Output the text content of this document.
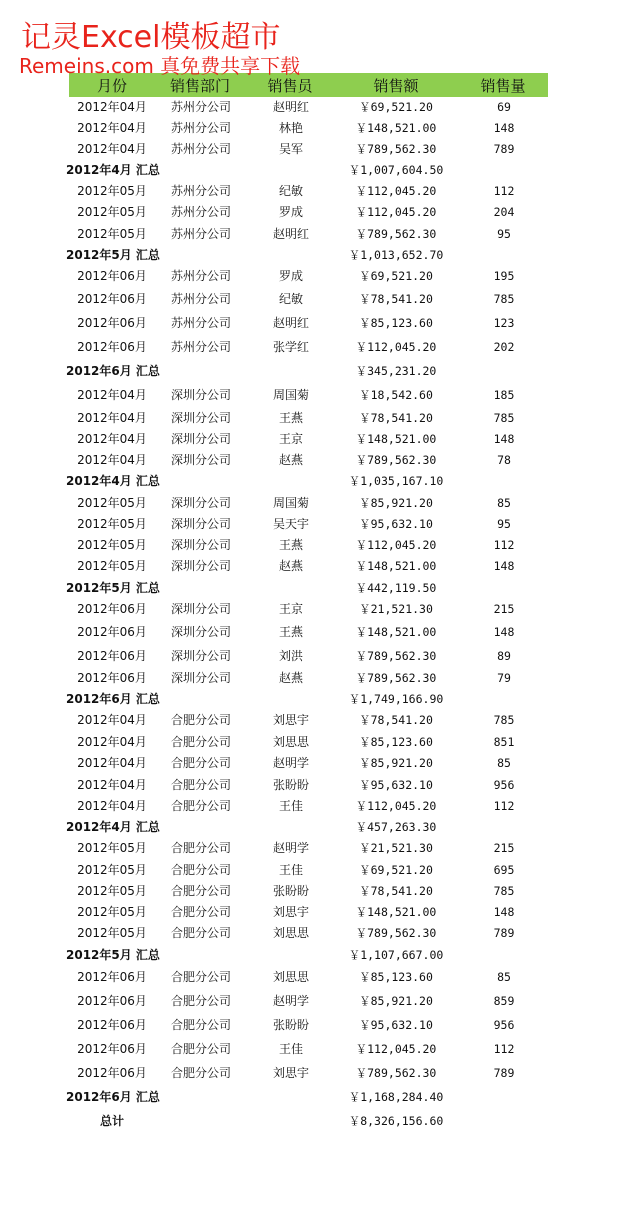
记灵Excel模板超市
Remeins.com 真免费共享下载
月份	销售部门 销售员	销售额	销售量
2012年04月 苏州分公司	赵明红	￥69,521.20	69
2012年04月 苏州分公司	林艳	￥148,521.00	148
2012年04月 苏州分公司	吴军	￥789,562.30	789
2012年4月 汇总	￥1,007,604.50
2012年05月 苏州分公司	纪敏	￥112,045.20	112
2012年05月 苏州分公司	罗成	￥112,045.20	204
2012年05月 苏州分公司	赵明红	￥789,562.30	95
2012年5月 汇总	￥1,013,652.70
2012年06月 苏州分公司	罗成	￥69,521.20	195
2012年06月 苏州分公司	纪敏	￥78,541.20	785
2012年06月 苏州分公司	赵明红	￥85,123.60	123
2012年06月 苏州分公司	张学红	￥112,045.20	202
2012年6月 汇总	￥345,231.20
2012年04月 深圳分公司	周国菊	￥18,542.60	185
2012年04月 深圳分公司	王燕	￥78,541.20	785
2012年04月 深圳分公司	王京	￥148,521.00	148
2012年04月 深圳分公司	赵燕	￥789,562.30	78
2012年4月 汇总	￥1,035,167.10
2012年05月 深圳分公司	周国菊	￥85,921.20	85
2012年05月 深圳分公司	吴天宇	￥95,632.10	95
2012年05月 深圳分公司	王燕	￥112,045.20	112
2012年05月 深圳分公司	赵燕	￥148,521.00	148
2012年5月 汇总	￥442,119.50
2012年06月 深圳分公司	王京	￥21,521.30	215
2012年06月 深圳分公司	王燕	￥148,521.00	148
2012年06月 深圳分公司	刘洪	￥789,562.30	89
2012年06月 深圳分公司	赵燕	￥789,562.30	79
2012年6月 汇总	￥1,749,166.90
2012年04月 合肥分公司	刘思宇	￥78,541.20	785
2012年04月 合肥分公司	刘思思	￥85,123.60	851
2012年04月 合肥分公司	赵明学	￥85,921.20	85
2012年04月 合肥分公司	张盼盼	￥95,632.10	956
2012年04月 合肥分公司	王佳	￥112,045.20	112
2012年4月 汇总	￥457,263.30
2012年05月 合肥分公司	赵明学	￥21,521.30	215
2012年05月 合肥分公司	王佳	￥69,521.20	695
2012年05月 合肥分公司	张盼盼	￥78,541.20	785
2012年05月 合肥分公司	刘思宇	￥148,521.00	148
2012年05月 合肥分公司	刘思思	￥789,562.30	789
2012年5月 汇总	￥1,107,667.00
2012年06月 合肥分公司	刘思思	￥85,123.60	85
2012年06月 合肥分公司	赵明学	￥85,921.20	859
2012年06月 合肥分公司	张盼盼	￥95,632.10	956
2012年06月 合肥分公司	王佳	￥112,045.20	112
2012年06月 合肥分公司	刘思宇	￥789,562.30	789
2012年6月 汇总	￥1,168,284.40
总计	￥8,326,156.60
